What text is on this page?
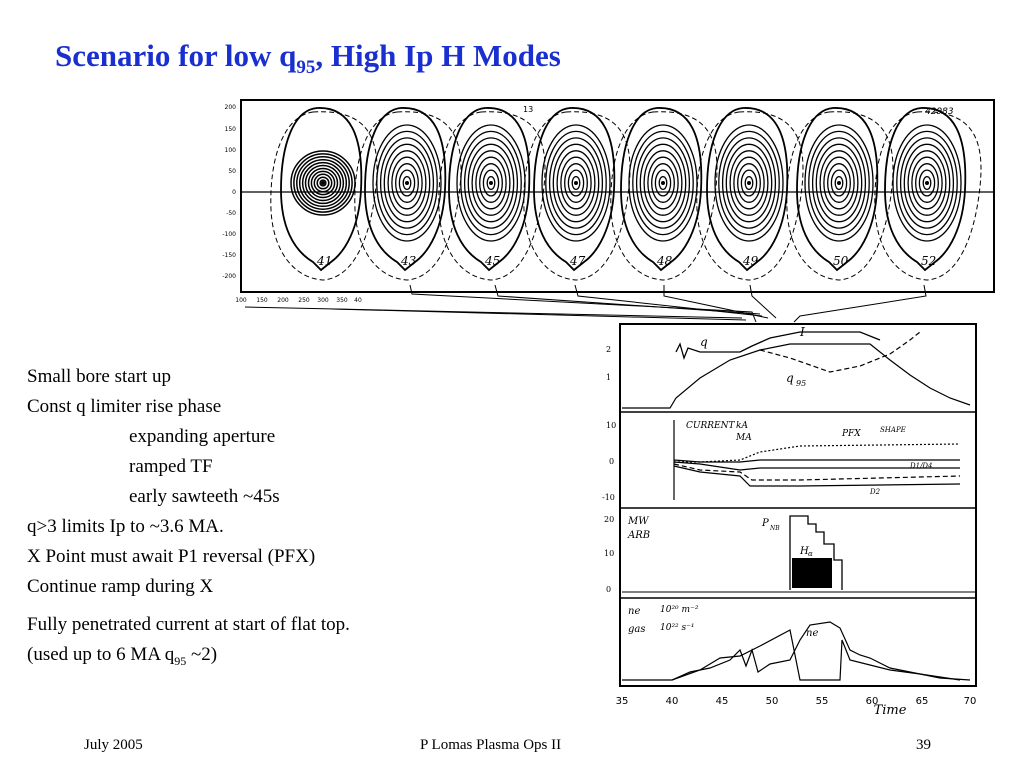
Scenario for low $q_{95}$, High Ip H Modes
200
150
100
50
0
-50
-100
-150
-200
100 150 200 250 300 350 40
42983
13
41	43	45	47	48	49	50	52
q
I
q 95
2
1
CURRENT kA
MA	PFX	SHAPE
D1/D4
D2
10
0
-10
MW
ARB
P NB
H α
20
10
0
ne 10²⁰ m⁻²
gas 10²² s⁻¹	ne
35	40	45	50	55	60	65	70
Time
Small bore start up
Const q limiter rise phase
expanding aperture
ramped TF
early sawteeth ~45s
q>3 limits Ip to ~3.6 MA.
X Point must await P1 reversal (PFX)
Continue ramp during X
Fully penetrated current at start of flat top.
(used up to 6 MA $q_{95}$ ~2)
July 2005	P Lomas Plasma Ops II	39
